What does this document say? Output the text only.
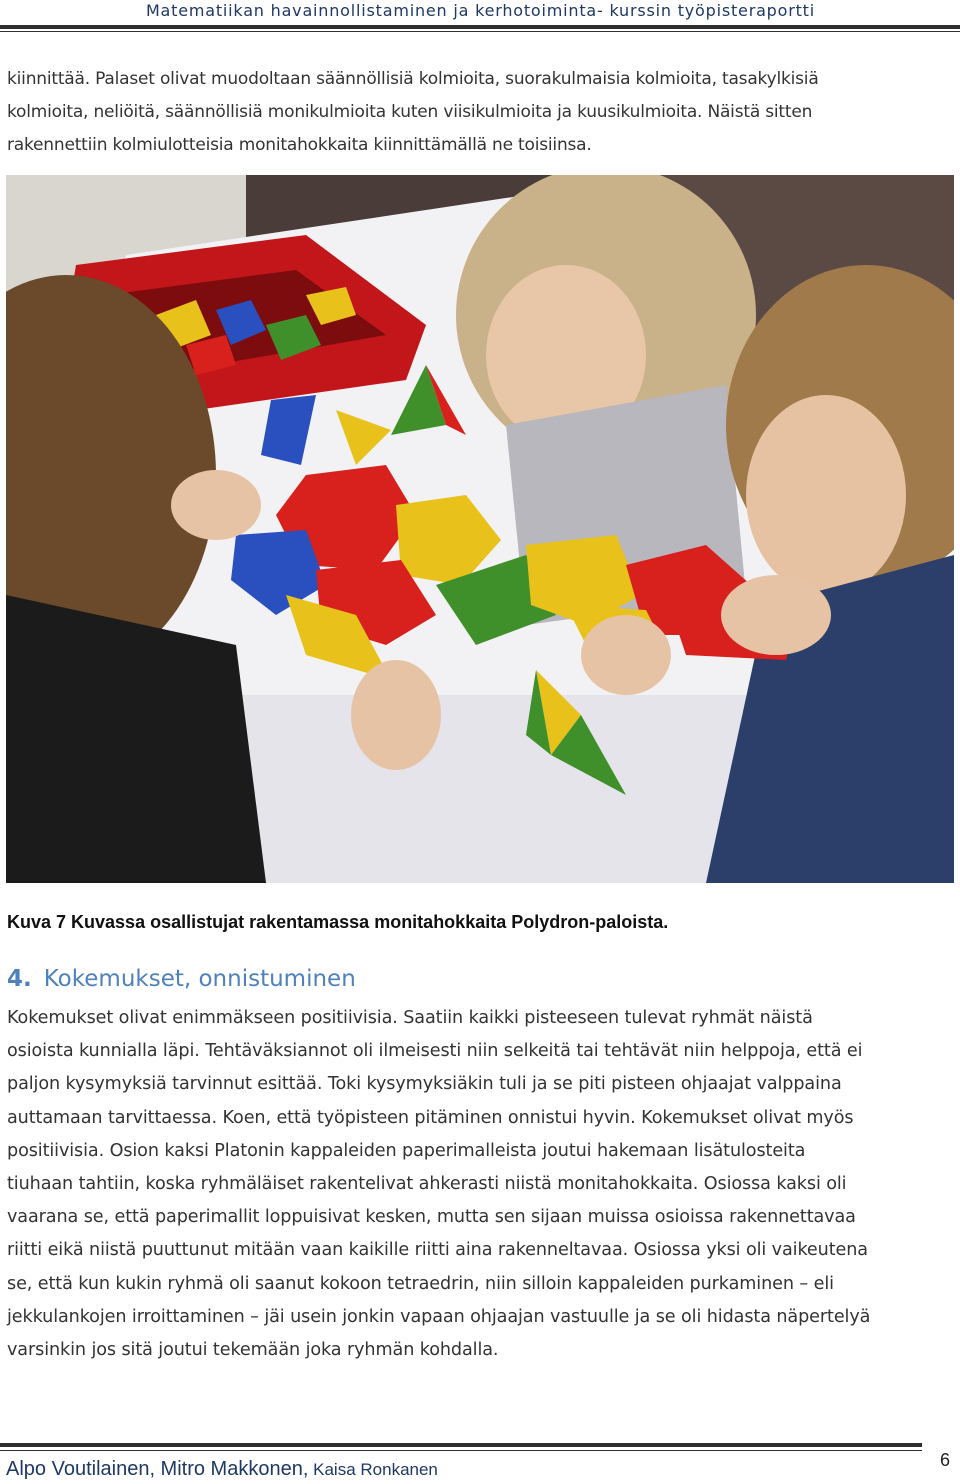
Matematiikan havainnollistaminen ja kerhotoiminta- kurssin työpisteraportti

kiinnittää. Palaset olivat muodoltaan säännöllisiä kolmioita, suorakulmaisia kolmioita, tasakylkisiä

kolmioita, neliöitä, säännöllisiä monikulmioita kuten viisikulmioita ja kuusikulmioita. Näistä sitten

rakennettiin kolmiulotteisia monitahokkaita kiinnittämällä ne toisiinsa.

Kuva 7 Kuvassa osallistujat rakentamassa monitahokkaita Polydron-paloista.
4. Kokemukset, onnistuminen

Kokemukset olivat enimmäkseen positiivisia. Saatiin kaikki pisteeseen tulevat ryhmät näistä

osioista kunnialla läpi. Tehtäväksiannot oli ilmeisesti niin selkeitä tai tehtävät niin helppoja, että ei

paljon kysymyksiä tarvinnut esittää. Toki kysymyksiäkin tuli ja se piti pisteen ohjaajat valppaina

auttamaan tarvittaessa. Koen, että työpisteen pitäminen onnistui hyvin. Kokemukset olivat myös

positiivisia. Osion kaksi Platonin kappaleiden paperimalleista joutui hakemaan lisätulosteita

tiuhaan tahtiin, koska ryhmäläiset rakentelivat ahkerasti niistä monitahokkaita. Osiossa kaksi oli

vaarana se, että paperimallit loppuisivat kesken, mutta sen sijaan muissa osioissa rakennettavaa

riitti eikä niistä puuttunut mitään vaan kaikille riitti aina rakenneltavaa. Osiossa yksi oli vaikeutena

se, että kun kukin ryhmä oli saanut kokoon tetraedrin, niin silloin kappaleiden purkaminen – eli

jekkulankojen irroittaminen – jäi usein jonkin vapaan ohjaajan vastuulle ja se oli hidasta näpertelyä

varsinkin jos sitä joutui tekemään joka ryhmän kohdalla.

Alpo Voutilainen, Mitro Makkonen, Kaisa Ronkanen	6
